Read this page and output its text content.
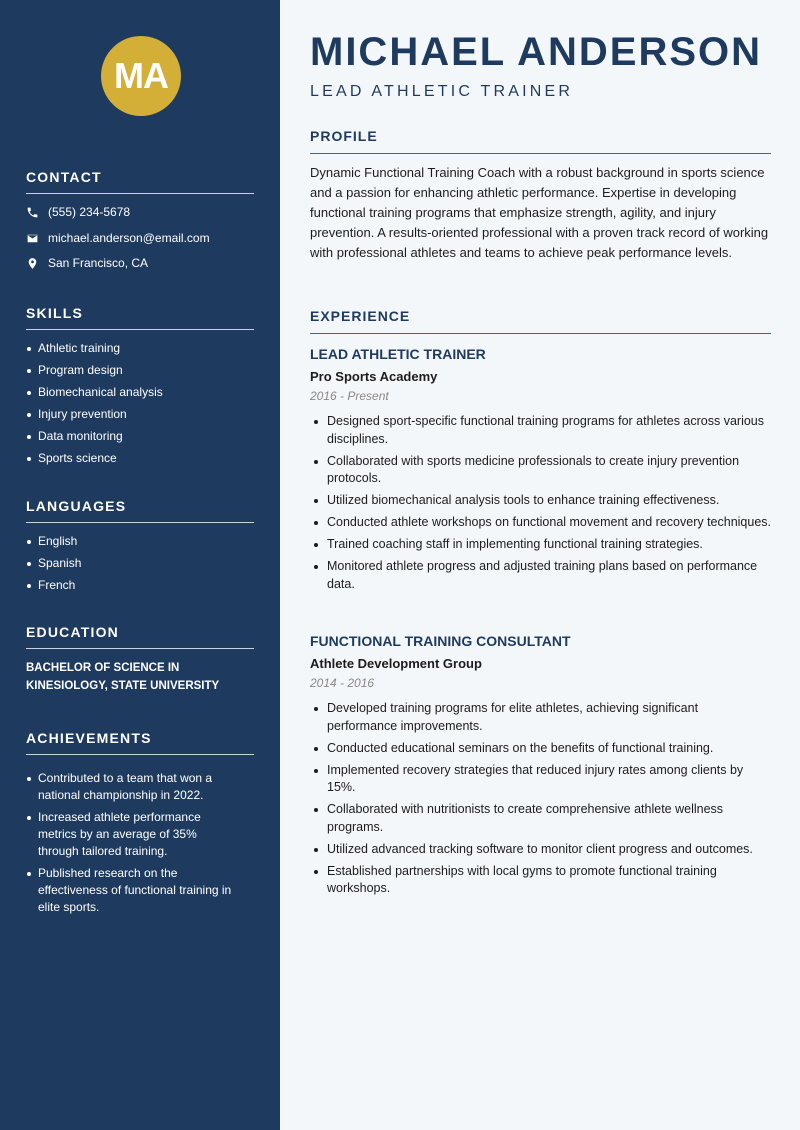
MA
CONTACT
(555) 234-5678
michael.anderson@email.com
San Francisco, CA
SKILLS
Athletic training
Program design
Biomechanical analysis
Injury prevention
Data monitoring
Sports science
LANGUAGES
English
Spanish
French
EDUCATION
BACHELOR OF SCIENCE IN KINESIOLOGY, STATE UNIVERSITY
ACHIEVEMENTS
Contributed to a team that won a national championship in 2022.
Increased athlete performance metrics by an average of 35% through tailored training.
Published research on the effectiveness of functional training in elite sports.
MICHAEL ANDERSON
LEAD ATHLETIC TRAINER
PROFILE

Dynamic Functional Training Coach with a robust background in sports science and a passion for enhancing athletic performance. Expertise in developing functional training programs that emphasize strength, agility, and injury prevention. A results-oriented professional with a proven track record of working with professional athletes and teams to achieve peak performance levels.

EXPERIENCE
LEAD ATHLETIC TRAINER
Pro Sports Academy
2016 - Present
Designed sport-specific functional training programs for athletes across various disciplines.
Collaborated with sports medicine professionals to create injury prevention protocols.
Utilized biomechanical analysis tools to enhance training effectiveness.
Conducted athlete workshops on functional movement and recovery techniques.
Trained coaching staff in implementing functional training strategies.
Monitored athlete progress and adjusted training plans based on performance data.
FUNCTIONAL TRAINING CONSULTANT
Athlete Development Group
2014 - 2016
Developed training programs for elite athletes, achieving significant performance improvements.
Conducted educational seminars on the benefits of functional training.
Implemented recovery strategies that reduced injury rates among clients by 15%.
Collaborated with nutritionists to create comprehensive athlete wellness programs.
Utilized advanced tracking software to monitor client progress and outcomes.
Established partnerships with local gyms to promote functional training workshops.
